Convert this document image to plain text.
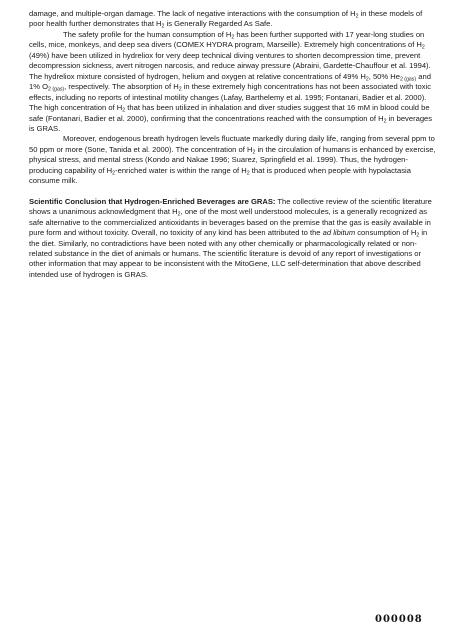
damage, and multiple-organ damage. The lack of negative interactions with the consumption of $H_2$ in these models of poor health further demonstrates that $H_2$ is Generally Regarded As Safe.

The safety profile for the human consumption of $H_2$ has been further supported with 17 year-long studies on cells, mice, monkeys, and deep sea divers (COMEX HYDRA program, Marseille). Extremely high concentrations of $H_2$ (49%) have been utilized in hydreliox for very deep technical diving ventures to shorten decompression time, prevent decompression sickness, avert nitrogen narcosis, and reduce airway pressure (Abraini, Gardette-Chauffour et al. 1994). The hydreliox mixture consisted of hydrogen, helium and oxygen at relative concentrations of 49% $H_2$, 50% $He_{2 (gas)}$ and 1% $O_{2 (gas)}$, respectively. The absorption of $H_2$ in these extremely high concentrations has not been associated with toxic effects, including no reports of intestinal motility changes (Lafay, Barthelemy et al. 1995; Fontanari, Badier et al. 2000). The high concentration of $H_2$ that has been utilized in inhalation and diver studies suggest that 16 mM in blood could be safe (Fontanari, Badier et al. 2000), confirming that the concentrations reached with the consumption of $H_2$ in beverages is GRAS.

Moreover, endogenous breath hydrogen levels fluctuate markedly during daily life, ranging from several ppm to 50 ppm or more (Sone, Tanida et al. 2000). The concentration of $H_2$ in the circulation of humans is enhanced by exercise, physical stress, and mental stress (Kondo and Nakae 1996; Suarez, Springfield et al. 1999). Thus, the hydrogen-producing capability of $H_2$-enriched water is within the range of $H_2$ that is produced when people with hypolactasia consume milk.

Scientific Conclusion that Hydrogen-Enriched Beverages are GRAS: The collective review of the scientific literature shows a unanimous acknowledgment that $H_2$, one of the most well understood molecules, is a generally recognized as safe alternative to the commercialized antioxidants in beverages based on the premise that the gas is easily available in pure form and without toxicity. Overall, no toxicity of any kind has been attributed to the ad libitum consumption of $H_2$ in the diet. Similarly, no contradictions have been noted with any other chemically or pharmacologically related or non-related substance in the diet of animals or humans. The scientific literature is devoid of any report of investigations or other information that may appear to be inconsistent with the MitoGene, LLC self-determination that above described intended use of hydrogen is GRAS.

000008
